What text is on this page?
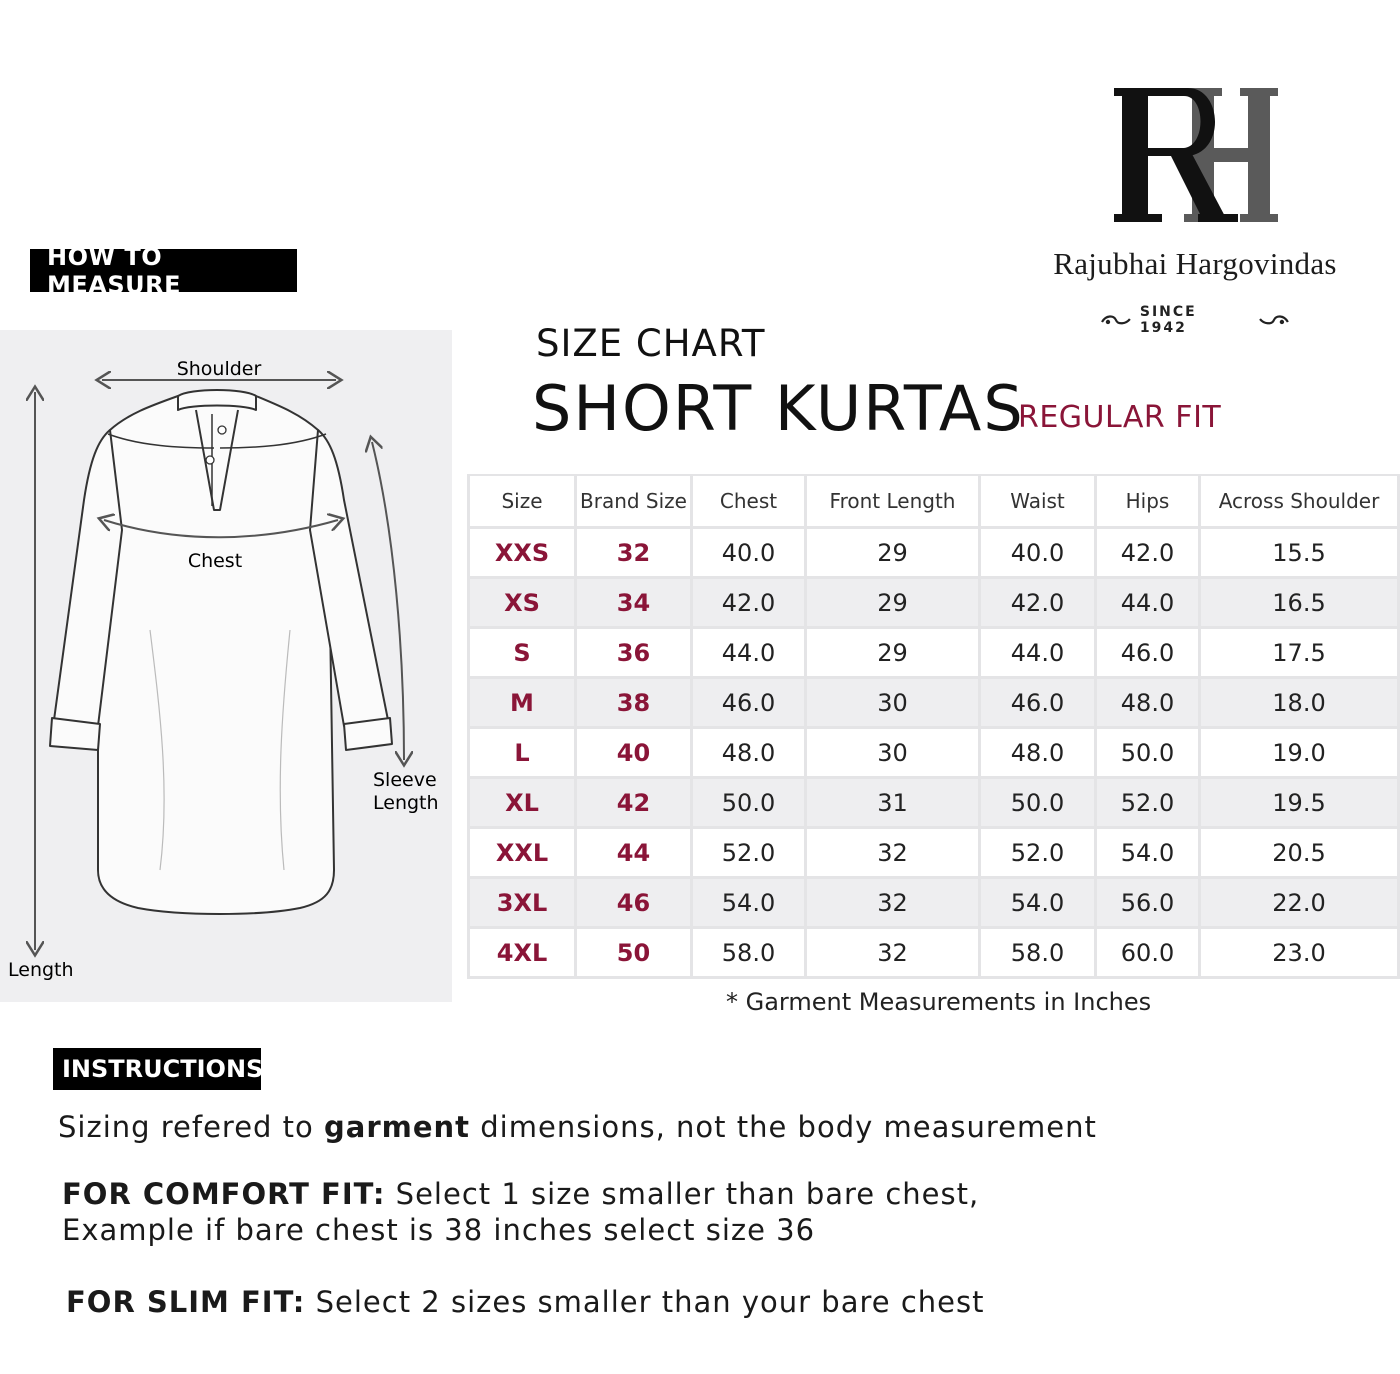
Rajubhai Hargovindas
SINCE 1942
HOW TO MEASURE
Shoulder
Chest
Sleeve
Length
Length
SIZE CHART
SHORT KURTAS
REGULAR FIT
Size	Brand Size	Chest	Front Length	Waist	Hips	Across Shoulder
XXS	32	40.0	29	40.0	42.0	15.5
XS	34	42.0	29	42.0	44.0	16.5
S	36	44.0	29	44.0	46.0	17.5
M	38	46.0	30	46.0	48.0	18.0
L	40	48.0	30	48.0	50.0	19.0
XL	42	50.0	31	50.0	52.0	19.5
XXL	44	52.0	32	52.0	54.0	20.5
3XL	46	54.0	32	54.0	56.0	22.0
4XL	50	58.0	32	58.0	60.0	23.0
* Garment Measurements in Inches
INSTRUCTIONS:
Sizing refered to garment dimensions, not the body measurement
FOR COMFORT FIT: Select 1 size smaller than bare chest,
Example if bare chest is 38 inches select size 36
FOR SLIM FIT: Select 2 sizes smaller than your bare chest
